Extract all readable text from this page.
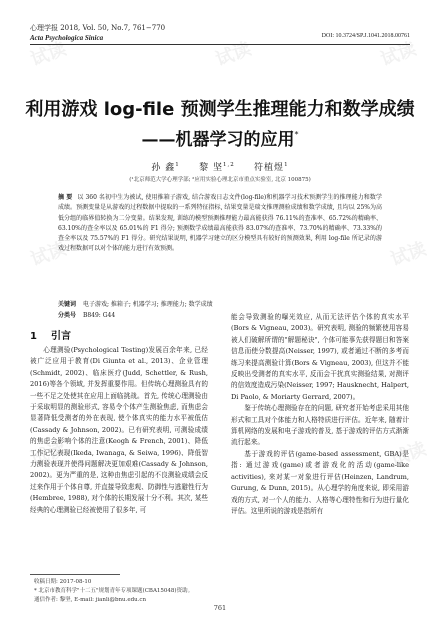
试读	试读	试读
试读	试读
试读	试读
心理学报 2018, Vol. 50, No.7, 761−770
Acta Psychologica Sinica	DOI: 10.3724/SP.J.1041.2018.00761
利用游戏 log-file 预测学生推理能力和数学成绩
——机器学习的应用*
孙 鑫$^1$ 黎 坚$^{1,2}$ 符植煜$^1$
(¹北京师范大学心理学部; ²应用实验心理北京市重点实验室, 北京 100875)
摘 要 以 360 名初中生为被试, 使用推箱子游戏, 结合游戏日志文件(log-file)和机器学习技术预测学生的推理能力和数学成绩。预测变量是从游戏的过程数据中提取的一系列特征指标, 结果变量是瑞文推理测验成绩和数学成绩, 且均以 25%为高低分组的临界值转换为二分变量。结果发现, 训练的模型预测推理能力最高能获得 76.11%的查准率、65.72%的精确率、63.10%的查全率以及 65.01%的 F1 得分; 预测数学成绩最高能获得 83.07%的查准率、73.70%的精确率、73.33%的查全率以及 75.57%的 F1 得分。研究结果说明, 机器学习建立的区分模型具有较好的预测效果, 利用 log-file 所记录的游戏过程数据可以对个体的能力进行有效预测。
关键词 电子游戏; 推箱子; 机器学习; 推理能力; 数学成绩
分类号 B849: G44
1 引言

心理测验(Psychological Testing)发展百余年来, 已经被广泛应用于教育(Di Giunta et al., 2013)、企业管理(Schmidt, 2002)、临床医疗(Judd, Schettler, & Rush, 2016)等各个领域, 并发挥重要作用。但传统心理测验具有的一些不足之处使其在应用上面临挑战。首先, 传统心理测验由于采取明显的测验形式, 容易令个体产生测验焦虑, 而焦虑会显著降低受测者的外在表现, 使个体真实的能力水平被低估(Cassady & Johnson, 2002)。已有研究表明, 可测验成绩的焦虑会影响个体的注意(Keogh & French, 2001)、降低工作记忆表现(Ikeda, Iwanaga, & Seiwa, 1996)、降低智力测验表现并使得问题解决更加艰难(Cassady & Johnson, 2002)。更为严重的是, 这种由焦虑引起的不良测验成绩会反过来作用于个体自尊, 并直接导致悲观、防御性与逃避性行为(Hembree, 1988), 对个体的长期发展十分不利。其次, 某些经典的心理测验已经被使用了很多年, 可

能会导致测验的曝光效应, 从而无法评估个体的真实水平(Bors & Vigneau, 2003)。研究表明, 测验的频繁使用容易被人们破解所谓的"解题秘诀", 个体可能事先获得题目和答案信息而使分数提高(Neisser, 1997), 或者通过不断的多考而练习来提高测验计算(Bors & Vigneau, 2003), 但这并不能反映出受测者的真实水平, 反而会干扰真实测验结果, 对测评的信效度造成污染(Neisser, 1997; Hausknecht, Halpert, Di Paolo, & Moriarty Gerrard, 2007)。

鉴于传统心理测验存在的问题, 研究者开始考虑采用其他形式和工具对个体能力和人格特质进行评估。近年来, 随着计算机网络的发展和电子游戏的普及, 基于游戏的评估方式渐渐流行起来。

基于游戏的评估(game-based assessment, GBA)是指: 通过游戏(game)或者游戏化的活动(game-like activities), 来对某一对象进行评估(Heinzen, Landrum, Gurung, & Dunn, 2015)。从心理学的角度来说, 即采用游戏的方式, 对一个人的能力、人格等心理特性和行为进行量化评估。这里所说的游戏是指所有

收稿日期: 2017-08-10
* 北京市教育科学"十二五"规划青年专项课题(CBA15048)资助。
通信作者: 黎坚, E-mail: jianli@bnu.edu.cn
761
